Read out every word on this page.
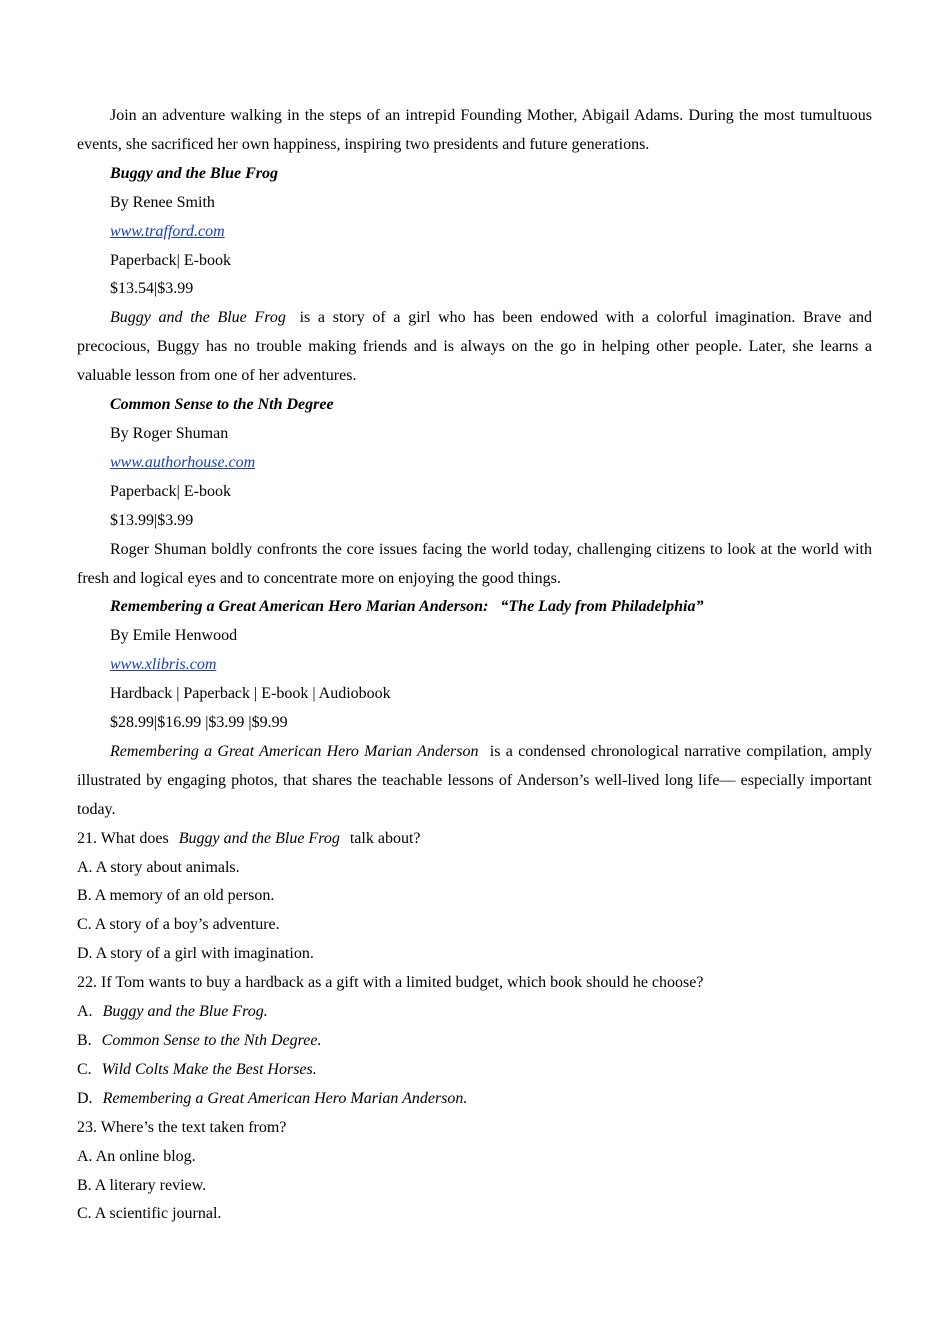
Join an adventure walking in the steps of an intrepid Founding Mother, Abigail Adams. During the most tumultuous events, she sacrificed her own happiness, inspiring two presidents and future generations.

Buggy and the Blue Frog
By Renee Smith
www.trafford.com
Paperback| E-book
$13.54|$3.99

Buggy and the Blue Frog is a story of a girl who has been endowed with a colorful imagination. Brave and precocious, Buggy has no trouble making friends and is always on the go in helping other people. Later, she learns a valuable lesson from one of her adventures.

Common Sense to the Nth Degree
By Roger Shuman
www.authorhouse.com
Paperback| E-book
$13.99|$3.99

Roger Shuman boldly confronts the core issues facing the world today, challenging citizens to look at the world with fresh and logical eyes and to concentrate more on enjoying the good things.

Remembering a Great American Hero Marian Anderson:   “The Lady from Philadelphia”
By Emile Henwood
www.xlibris.com
Hardback | Paperback | E-book | Audiobook
$28.99|$16.99 |$3.99 |$9.99

Remembering a Great American Hero Marian Anderson is a condensed chronological narrative compilation, amply illustrated by engaging photos, that shares the teachable lessons of Anderson’s well-lived long life— especially important today.

21. What does Buggy and the Blue Frog talk about?
A. A story about animals.
B. A memory of an old person.
C. A story of a boy’s adventure.
D. A story of a girl with imagination.
22. If Tom wants to buy a hardback as a gift with a limited budget, which book should he choose?
A. Buggy and the Blue Frog.
B. Common Sense to the Nth Degree.
C. Wild Colts Make the Best Horses.
D. Remembering a Great American Hero Marian Anderson.
23. Where’s the text taken from?
A. An online blog.
B. A literary review.
C. A scientific journal.
